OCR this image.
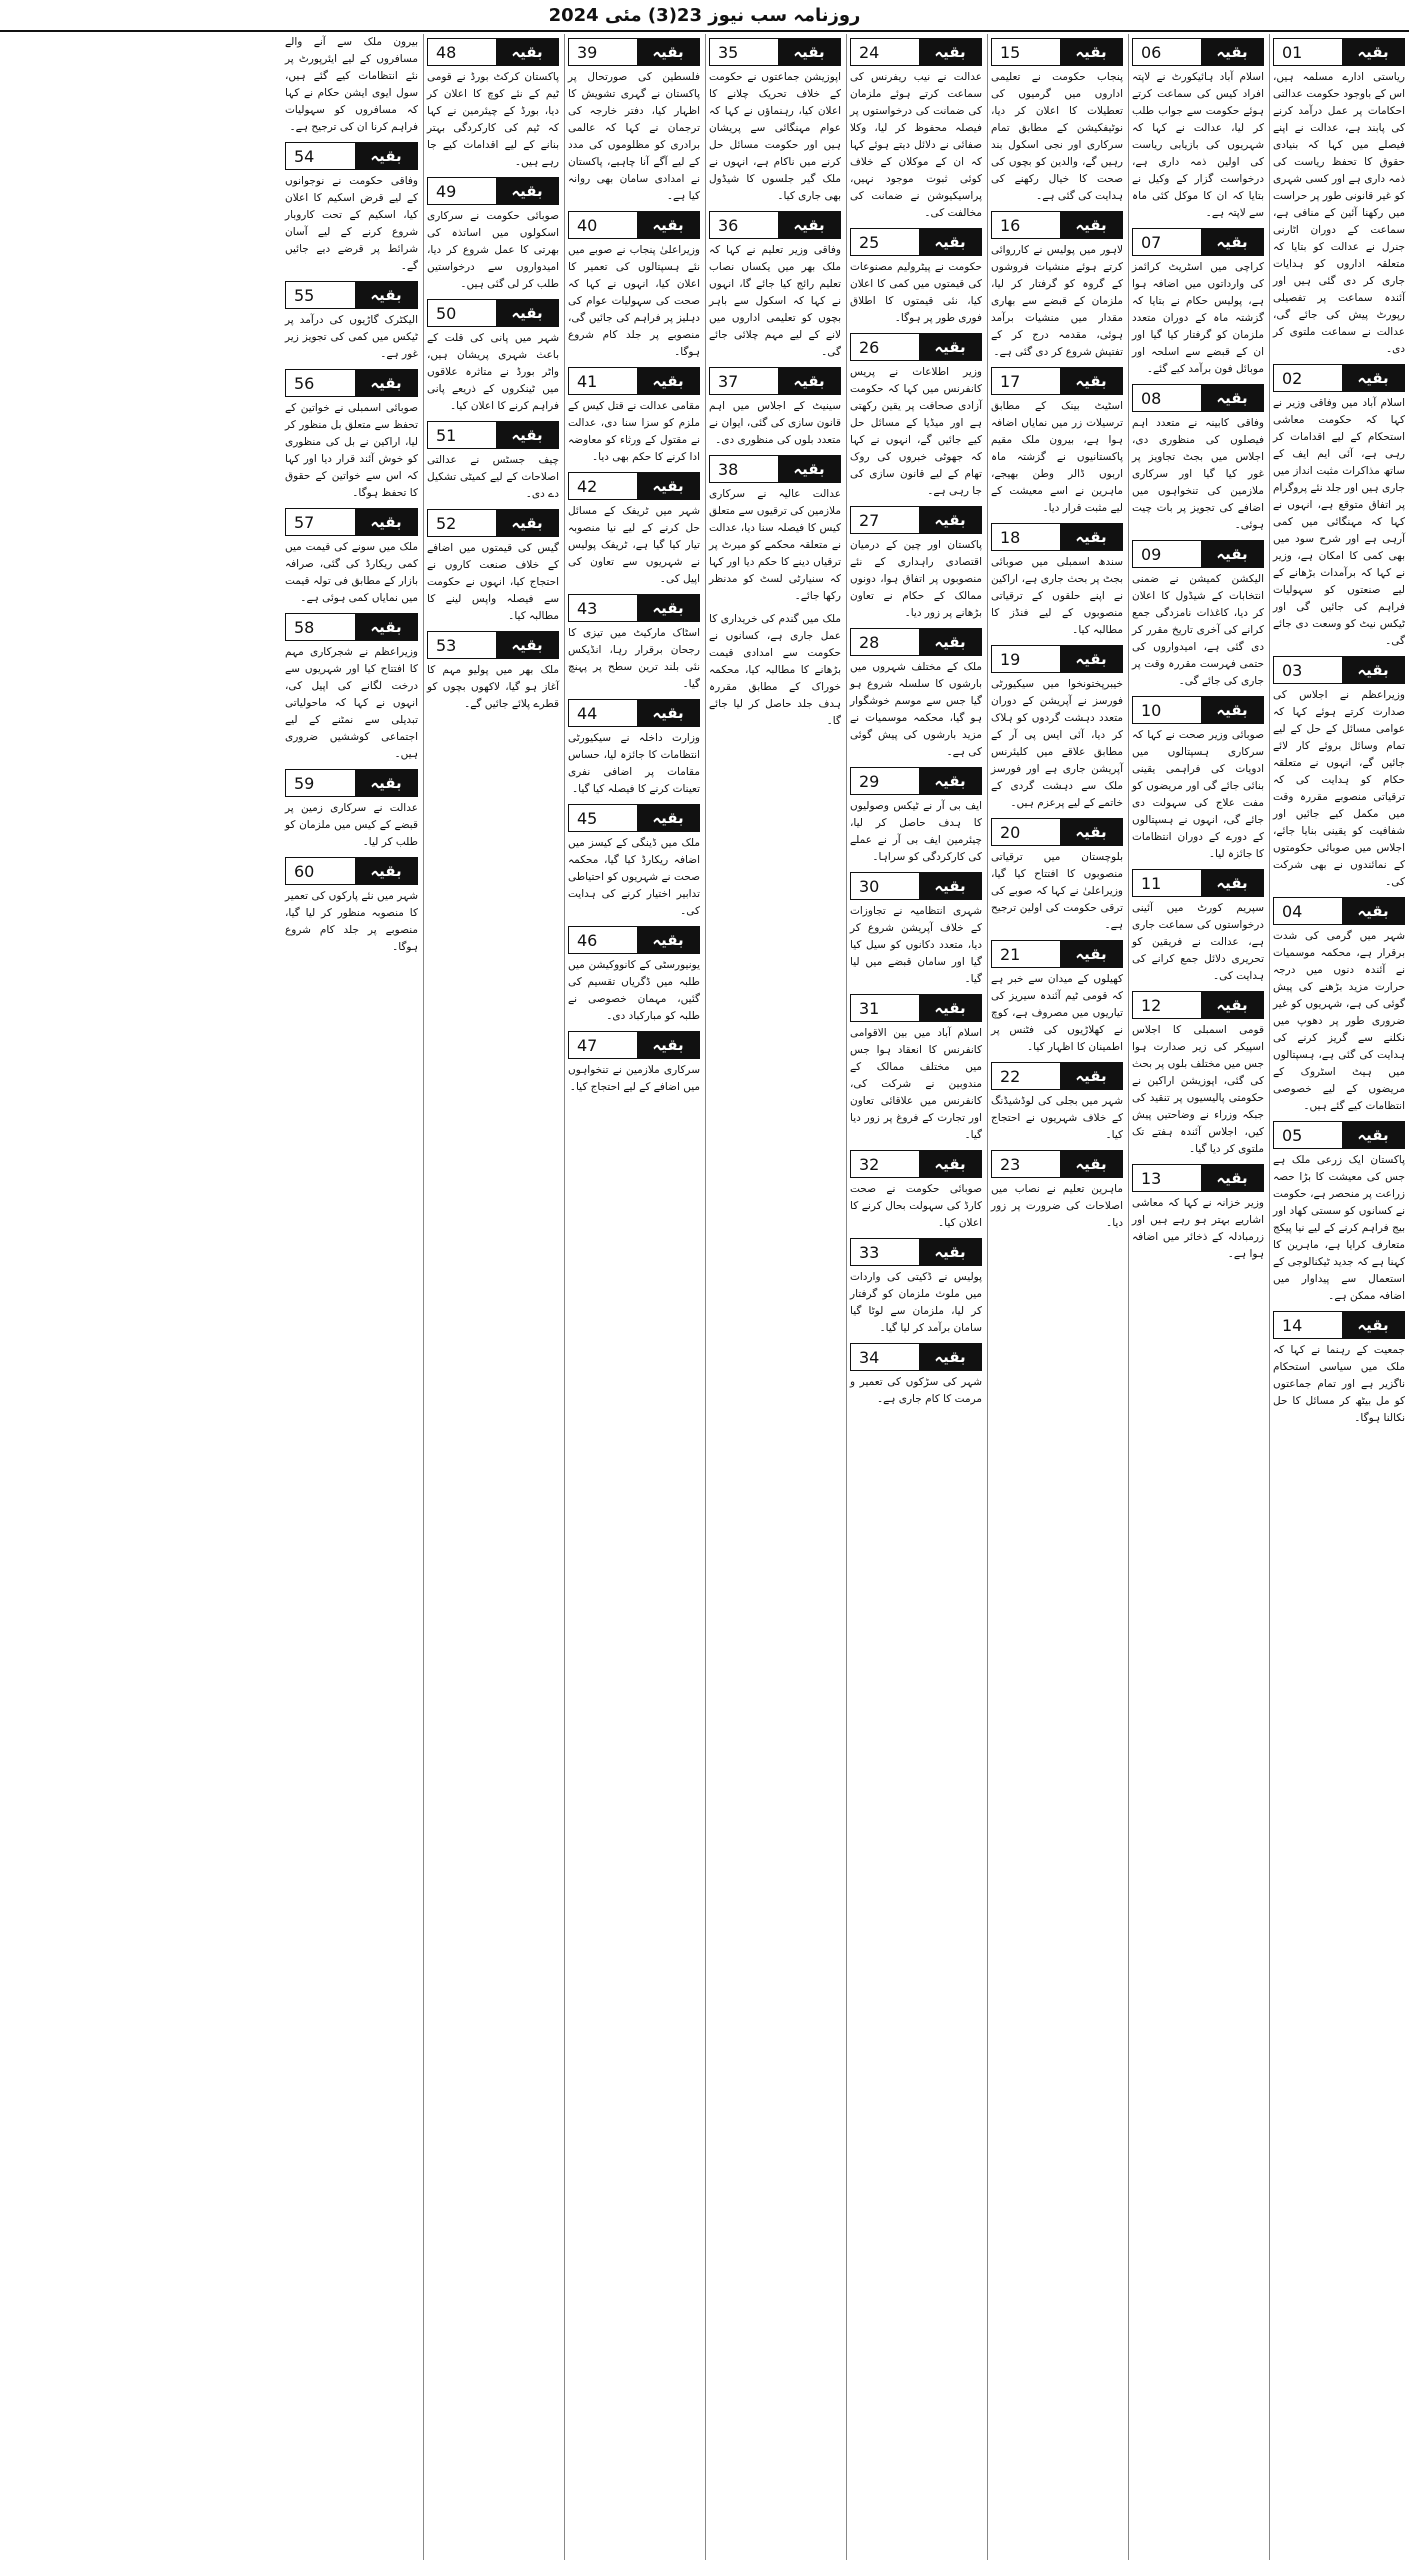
روزنامہ سب نیوز 23(3) مئی 2024
بقیہ
01
ریاستی ادارے مسلمہ ہیں، اس کے باوجود حکومت عدالتی احکامات پر عمل درآمد کرنے کی پابند ہے، عدالت نے اپنے فیصلے میں کہا کہ بنیادی حقوق کا تحفظ ریاست کی ذمہ داری ہے اور کسی شہری کو غیر قانونی طور پر حراست میں رکھنا آئین کے منافی ہے، سماعت کے دوران اٹارنی جنرل نے عدالت کو بتایا کہ متعلقہ اداروں کو ہدایات جاری کر دی گئی ہیں اور آئندہ سماعت پر تفصیلی رپورٹ پیش کی جائے گی، عدالت نے سماعت ملتوی کر دی۔
بقیہ
02
اسلام آباد میں وفاقی وزیر نے کہا کہ حکومت معاشی استحکام کے لیے اقدامات کر رہی ہے، آئی ایم ایف کے ساتھ مذاکرات مثبت انداز میں جاری ہیں اور جلد نئے پروگرام پر اتفاق متوقع ہے، انہوں نے کہا کہ مہنگائی میں کمی آرہی ہے اور شرح سود میں بھی کمی کا امکان ہے، وزیر نے کہا کہ برآمدات بڑھانے کے لیے صنعتوں کو سہولیات فراہم کی جائیں گی اور ٹیکس نیٹ کو وسعت دی جائے گی۔
بقیہ
03
وزیراعظم نے اجلاس کی صدارت کرتے ہوئے کہا کہ عوامی مسائل کے حل کے لیے تمام وسائل بروئے کار لائے جائیں گے، انہوں نے متعلقہ حکام کو ہدایت کی کہ ترقیاتی منصوبے مقررہ وقت میں مکمل کیے جائیں اور شفافیت کو یقینی بنایا جائے، اجلاس میں صوبائی حکومتوں کے نمائندوں نے بھی شرکت کی۔
بقیہ
04
شہر میں گرمی کی شدت برقرار ہے، محکمہ موسمیات نے آئندہ دنوں میں درجہ حرارت مزید بڑھنے کی پیش گوئی کی ہے، شہریوں کو غیر ضروری طور پر دھوپ میں نکلنے سے گریز کرنے کی ہدایت کی گئی ہے، ہسپتالوں میں ہیٹ اسٹروک کے مریضوں کے لیے خصوصی انتظامات کیے گئے ہیں۔
بقیہ
05
پاکستان ایک زرعی ملک ہے جس کی معیشت کا بڑا حصہ زراعت پر منحصر ہے، حکومت نے کسانوں کو سستی کھاد اور بیج فراہم کرنے کے لیے نیا پیکج متعارف کرایا ہے، ماہرین کا کہنا ہے کہ جدید ٹیکنالوجی کے استعمال سے پیداوار میں اضافہ ممکن ہے۔
بقیہ
14
جمعیت کے رہنما نے کہا کہ ملک میں سیاسی استحکام ناگزیر ہے اور تمام جماعتوں کو مل بیٹھ کر مسائل کا حل نکالنا ہوگا۔
بقیہ
06
اسلام آباد ہائیکورٹ نے لاپتہ افراد کیس کی سماعت کرتے ہوئے حکومت سے جواب طلب کر لیا، عدالت نے کہا کہ شہریوں کی بازیابی ریاست کی اولین ذمہ داری ہے، درخواست گزار کے وکیل نے بتایا کہ ان کا موکل کئی ماہ سے لاپتہ ہے۔
بقیہ
07
کراچی میں اسٹریٹ کرائمز کی وارداتوں میں اضافہ ہوا ہے، پولیس حکام نے بتایا کہ گزشتہ ماہ کے دوران متعدد ملزمان کو گرفتار کیا گیا اور ان کے قبضے سے اسلحہ اور موبائل فون برآمد کیے گئے۔
بقیہ
08
وفاقی کابینہ نے متعدد اہم فیصلوں کی منظوری دی، اجلاس میں بجٹ تجاویز پر غور کیا گیا اور سرکاری ملازمین کی تنخواہوں میں اضافے کی تجویز پر بات چیت ہوئی۔
بقیہ
09
الیکشن کمیشن نے ضمنی انتخابات کے شیڈول کا اعلان کر دیا، کاغذات نامزدگی جمع کرانے کی آخری تاریخ مقرر کر دی گئی ہے، امیدواروں کی حتمی فہرست مقررہ وقت پر جاری کی جائے گی۔
بقیہ
10
صوبائی وزیر صحت نے کہا کہ سرکاری ہسپتالوں میں ادویات کی فراہمی یقینی بنائی جائے گی اور مریضوں کو مفت علاج کی سہولت دی جائے گی، انہوں نے ہسپتالوں کے دورے کے دوران انتظامات کا جائزہ لیا۔
بقیہ
11
سپریم کورٹ میں آئینی درخواستوں کی سماعت جاری ہے، عدالت نے فریقین کو تحریری دلائل جمع کرانے کی ہدایت کی۔
بقیہ
12
قومی اسمبلی کا اجلاس اسپیکر کی زیر صدارت ہوا جس میں مختلف بلوں پر بحث کی گئی، اپوزیشن اراکین نے حکومتی پالیسیوں پر تنقید کی جبکہ وزراء نے وضاحتیں پیش کیں، اجلاس آئندہ ہفتے تک ملتوی کر دیا گیا۔
بقیہ
13
وزیر خزانہ نے کہا کہ معاشی اشاریے بہتر ہو رہے ہیں اور زرمبادلہ کے ذخائر میں اضافہ ہوا ہے۔
بقیہ
15
پنجاب حکومت نے تعلیمی اداروں میں گرمیوں کی تعطیلات کا اعلان کر دیا، نوٹیفکیشن کے مطابق تمام سرکاری اور نجی اسکول بند رہیں گے، والدین کو بچوں کی صحت کا خیال رکھنے کی ہدایت کی گئی ہے۔
بقیہ
16
لاہور میں پولیس نے کارروائی کرتے ہوئے منشیات فروشوں کے گروہ کو گرفتار کر لیا، ملزمان کے قبضے سے بھاری مقدار میں منشیات برآمد ہوئی، مقدمہ درج کر کے تفتیش شروع کر دی گئی ہے۔
بقیہ
17
اسٹیٹ بینک کے مطابق ترسیلات زر میں نمایاں اضافہ ہوا ہے، بیرون ملک مقیم پاکستانیوں نے گزشتہ ماہ اربوں ڈالر وطن بھیجے، ماہرین نے اسے معیشت کے لیے مثبت قرار دیا۔
بقیہ
18
سندھ اسمبلی میں صوبائی بجٹ پر بحث جاری ہے، اراکین نے اپنے حلقوں کے ترقیاتی منصوبوں کے لیے فنڈز کا مطالبہ کیا۔
بقیہ
19
خیبرپختونخوا میں سیکیورٹی فورسز نے آپریشن کے دوران متعدد دہشت گردوں کو ہلاک کر دیا، آئی ایس پی آر کے مطابق علاقے میں کلیئرنس آپریشن جاری ہے اور فورسز ملک سے دہشت گردی کے خاتمے کے لیے پرعزم ہیں۔
بقیہ
20
بلوچستان میں ترقیاتی منصوبوں کا افتتاح کیا گیا، وزیراعلیٰ نے کہا کہ صوبے کی ترقی حکومت کی اولین ترجیح ہے۔
بقیہ
21
کھیلوں کے میدان سے خبر ہے کہ قومی ٹیم آئندہ سیریز کی تیاریوں میں مصروف ہے، کوچ نے کھلاڑیوں کی فٹنس پر اطمینان کا اظہار کیا۔
بقیہ
22
شہر میں بجلی کی لوڈشیڈنگ کے خلاف شہریوں نے احتجاج کیا۔
بقیہ
23
ماہرین تعلیم نے نصاب میں اصلاحات کی ضرورت پر زور دیا۔
بقیہ
24
عدالت نے نیب ریفرنس کی سماعت کرتے ہوئے ملزمان کی ضمانت کی درخواستوں پر فیصلہ محفوظ کر لیا، وکلا صفائی نے دلائل دیتے ہوئے کہا کہ ان کے موکلان کے خلاف کوئی ثبوت موجود نہیں، پراسیکیوشن نے ضمانت کی مخالفت کی۔
بقیہ
25
حکومت نے پیٹرولیم مصنوعات کی قیمتوں میں کمی کا اعلان کیا، نئی قیمتوں کا اطلاق فوری طور پر ہوگا۔
بقیہ
26
وزیر اطلاعات نے پریس کانفرنس میں کہا کہ حکومت آزادی صحافت پر یقین رکھتی ہے اور میڈیا کے مسائل حل کیے جائیں گے، انہوں نے کہا کہ جھوٹی خبروں کی روک تھام کے لیے قانون سازی کی جا رہی ہے۔
بقیہ
27
پاکستان اور چین کے درمیان اقتصادی راہداری کے نئے منصوبوں پر اتفاق ہوا، دونوں ممالک کے حکام نے تعاون بڑھانے پر زور دیا۔
بقیہ
28
ملک کے مختلف شہروں میں بارشوں کا سلسلہ شروع ہو گیا جس سے موسم خوشگوار ہو گیا، محکمہ موسمیات نے مزید بارشوں کی پیش گوئی کی ہے۔
بقیہ
29
ایف بی آر نے ٹیکس وصولیوں کا ہدف حاصل کر لیا، چیئرمین ایف بی آر نے عملے کی کارکردگی کو سراہا۔
بقیہ
30
شہری انتظامیہ نے تجاوزات کے خلاف آپریشن شروع کر دیا، متعدد دکانوں کو سیل کیا گیا اور سامان قبضے میں لیا گیا۔
بقیہ
31
اسلام آباد میں بین الاقوامی کانفرنس کا انعقاد ہوا جس میں مختلف ممالک کے مندوبین نے شرکت کی، کانفرنس میں علاقائی تعاون اور تجارت کے فروغ پر زور دیا گیا۔
بقیہ
32
صوبائی حکومت نے صحت کارڈ کی سہولت بحال کرنے کا اعلان کیا۔
بقیہ
33
پولیس نے ڈکیتی کی واردات میں ملوث ملزمان کو گرفتار کر لیا، ملزمان سے لوٹا گیا سامان برآمد کر لیا گیا۔
بقیہ
34
شہر کی سڑکوں کی تعمیر و مرمت کا کام جاری ہے۔
بقیہ
35
اپوزیشن جماعتوں نے حکومت کے خلاف تحریک چلانے کا اعلان کیا، رہنماؤں نے کہا کہ عوام مہنگائی سے پریشان ہیں اور حکومت مسائل حل کرنے میں ناکام ہے، انہوں نے ملک گیر جلسوں کا شیڈول بھی جاری کیا۔
بقیہ
36
وفاقی وزیر تعلیم نے کہا کہ ملک بھر میں یکساں نصاب تعلیم رائج کیا جائے گا، انہوں نے کہا کہ اسکول سے باہر بچوں کو تعلیمی اداروں میں لانے کے لیے مہم چلائی جائے گی۔
بقیہ
37
سینیٹ کے اجلاس میں اہم قانون سازی کی گئی، ایوان نے متعدد بلوں کی منظوری دی۔
بقیہ
38
عدالت عالیہ نے سرکاری ملازمین کی ترقیوں سے متعلق کیس کا فیصلہ سنا دیا، عدالت نے متعلقہ محکمے کو میرٹ پر ترقیاں دینے کا حکم دیا اور کہا کہ سنیارٹی لسٹ کو مدنظر رکھا جائے۔
ملک میں گندم کی خریداری کا عمل جاری ہے، کسانوں نے حکومت سے امدادی قیمت بڑھانے کا مطالبہ کیا، محکمہ خوراک کے مطابق مقررہ ہدف جلد حاصل کر لیا جائے گا۔
بقیہ
39
فلسطین کی صورتحال پر پاکستان نے گہری تشویش کا اظہار کیا، دفتر خارجہ کی ترجمان نے کہا کہ عالمی برادری کو مظلوموں کی مدد کے لیے آگے آنا چاہیے، پاکستان نے امدادی سامان بھی روانہ کیا ہے۔
بقیہ
40
وزیراعلیٰ پنجاب نے صوبے میں نئے ہسپتالوں کی تعمیر کا اعلان کیا، انہوں نے کہا کہ صحت کی سہولیات عوام کی دہلیز پر فراہم کی جائیں گی، منصوبے پر جلد کام شروع ہوگا۔
بقیہ
41
مقامی عدالت نے قتل کیس کے ملزم کو سزا سنا دی، عدالت نے مقتول کے ورثاء کو معاوضہ ادا کرنے کا حکم بھی دیا۔
بقیہ
42
شہر میں ٹریفک کے مسائل حل کرنے کے لیے نیا منصوبہ تیار کیا گیا ہے، ٹریفک پولیس نے شہریوں سے تعاون کی اپیل کی۔
بقیہ
43
اسٹاک مارکیٹ میں تیزی کا رجحان برقرار رہا، انڈیکس نئی بلند ترین سطح پر پہنچ گیا۔
بقیہ
44
وزارت داخلہ نے سیکیورٹی انتظامات کا جائزہ لیا، حساس مقامات پر اضافی نفری تعینات کرنے کا فیصلہ کیا گیا۔
بقیہ
45
ملک میں ڈینگی کے کیسز میں اضافہ ریکارڈ کیا گیا، محکمہ صحت نے شہریوں کو احتیاطی تدابیر اختیار کرنے کی ہدایت کی۔
بقیہ
46
یونیورسٹی کے کانووکیشن میں طلبہ میں ڈگریاں تقسیم کی گئیں، مہمان خصوصی نے طلبہ کو مبارکباد دی۔
بقیہ
47
سرکاری ملازمین نے تنخواہوں میں اضافے کے لیے احتجاج کیا۔
بقیہ
48
پاکستان کرکٹ بورڈ نے قومی ٹیم کے نئے کوچ کا اعلان کر دیا، بورڈ کے چیئرمین نے کہا کہ ٹیم کی کارکردگی بہتر بنانے کے لیے اقدامات کیے جا رہے ہیں۔
بقیہ
49
صوبائی حکومت نے سرکاری اسکولوں میں اساتذہ کی بھرتی کا عمل شروع کر دیا، امیدواروں سے درخواستیں طلب کر لی گئی ہیں۔
بقیہ
50
شہر میں پانی کی قلت کے باعث شہری پریشان ہیں، واٹر بورڈ نے متاثرہ علاقوں میں ٹینکروں کے ذریعے پانی فراہم کرنے کا اعلان کیا۔
بقیہ
51
چیف جسٹس نے عدالتی اصلاحات کے لیے کمیٹی تشکیل دے دی۔
بقیہ
52
گیس کی قیمتوں میں اضافے کے خلاف صنعت کاروں نے احتجاج کیا، انہوں نے حکومت سے فیصلہ واپس لینے کا مطالبہ کیا۔
بقیہ
53
ملک بھر میں پولیو مہم کا آغاز ہو گیا، لاکھوں بچوں کو قطرے پلائے جائیں گے۔
بیرون ملک سے آنے والے مسافروں کے لیے ایئرپورٹ پر نئے انتظامات کیے گئے ہیں، سول ایوی ایشن حکام نے کہا کہ مسافروں کو سہولیات فراہم کرنا ان کی ترجیح ہے۔
بقیہ
54
وفاقی حکومت نے نوجوانوں کے لیے قرض اسکیم کا اعلان کیا، اسکیم کے تحت کاروبار شروع کرنے کے لیے آسان شرائط پر قرضے دیے جائیں گے۔
بقیہ
55
الیکٹرک گاڑیوں کی درآمد پر ٹیکس میں کمی کی تجویز زیر غور ہے۔
بقیہ
56
صوبائی اسمبلی نے خواتین کے تحفظ سے متعلق بل منظور کر لیا، اراکین نے بل کی منظوری کو خوش آئند قرار دیا اور کہا کہ اس سے خواتین کے حقوق کا تحفظ ہوگا۔
بقیہ
57
ملک میں سونے کی قیمت میں کمی ریکارڈ کی گئی، صرافہ بازار کے مطابق فی تولہ قیمت میں نمایاں کمی ہوئی ہے۔
بقیہ
58
وزیراعظم نے شجرکاری مہم کا افتتاح کیا اور شہریوں سے درخت لگانے کی اپیل کی، انہوں نے کہا کہ ماحولیاتی تبدیلی سے نمٹنے کے لیے اجتماعی کوششیں ضروری ہیں۔
بقیہ
59
عدالت نے سرکاری زمین پر قبضے کے کیس میں ملزمان کو طلب کر لیا۔
بقیہ
60
شہر میں نئے پارکوں کی تعمیر کا منصوبہ منظور کر لیا گیا، منصوبے پر جلد کام شروع ہوگا۔
